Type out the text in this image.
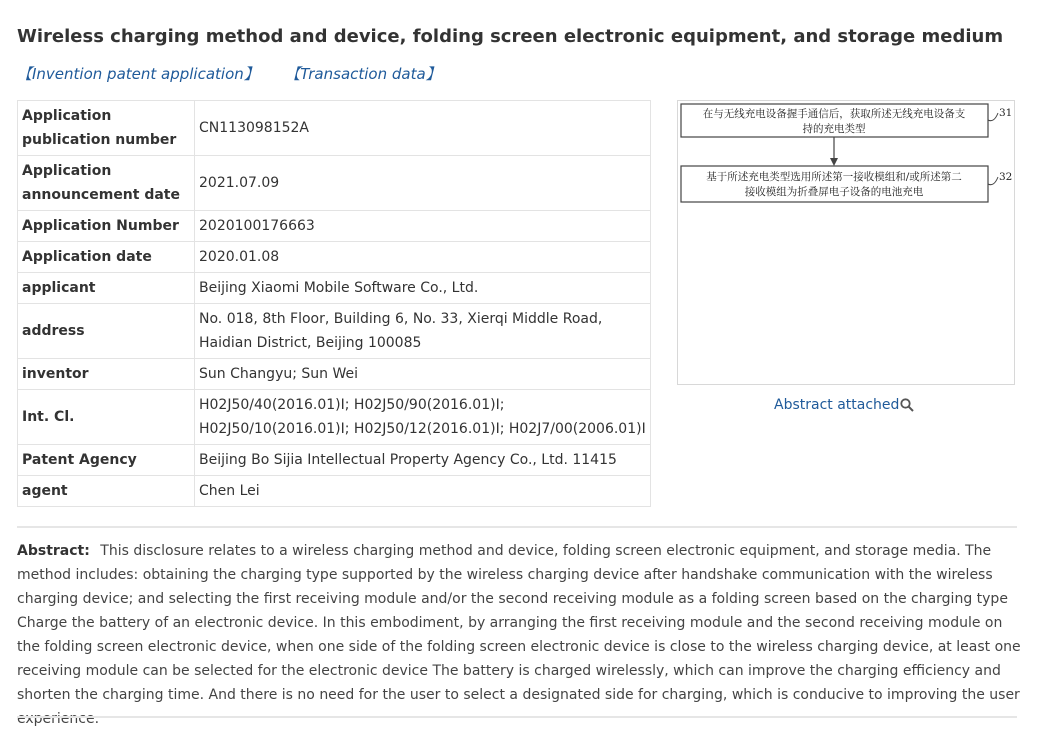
Wireless charging method and device, folding screen electronic equipment, and storage medium
【Invention patent application】 【Transaction data】
Application publication number	CN113098152A
Application announcement date	2021.07.09
Application Number	2020100176663
Application date	2020.01.08
applicant	Beijing Xiaomi Mobile Software Co., Ltd.
address	No. 018, 8th Floor, Building 6, No. 33, Xierqi Middle Road, Haidian District, Beijing 100085
inventor	Sun Changyu; Sun Wei
Int. Cl.	H02J50/40(2016.01)I; H02J50/90(2016.01)I; H02J50/10(2016.01)I; H02J50/12(2016.01)I; H02J7/00(2006.01)I
Patent Agency	Beijing Bo Sijia Intellectual Property Agency Co., Ltd. 11415
agent	Chen Lei
在与无线充电设备握手通信后，获取所述无线充电设备支
持的充电类型
31
基于所述充电类型选用所述第一接收模组和/或所述第二
接收模组为折叠屏电子设备的电池充电
32
Abstract attached
Abstract: This disclosure relates to a wireless charging method and device, folding screen electronic equipment, and storage media. The method includes: obtaining the charging type supported by the wireless charging device after handshake communication with the wireless charging device; and selecting the first receiving module and/or the second receiving module as a folding screen based on the charging type Charge the battery of an electronic device. In this embodiment, by arranging the first receiving module and the second receiving module on the folding screen electronic device, when one side of the folding screen electronic device is close to the wireless charging device, at least one receiving module can be selected for the electronic device The battery is charged wirelessly, which can improve the charging efficiency and shorten the charging time. And there is no need for the user to select a designated side for charging, which is conducive to improving the user experience.
